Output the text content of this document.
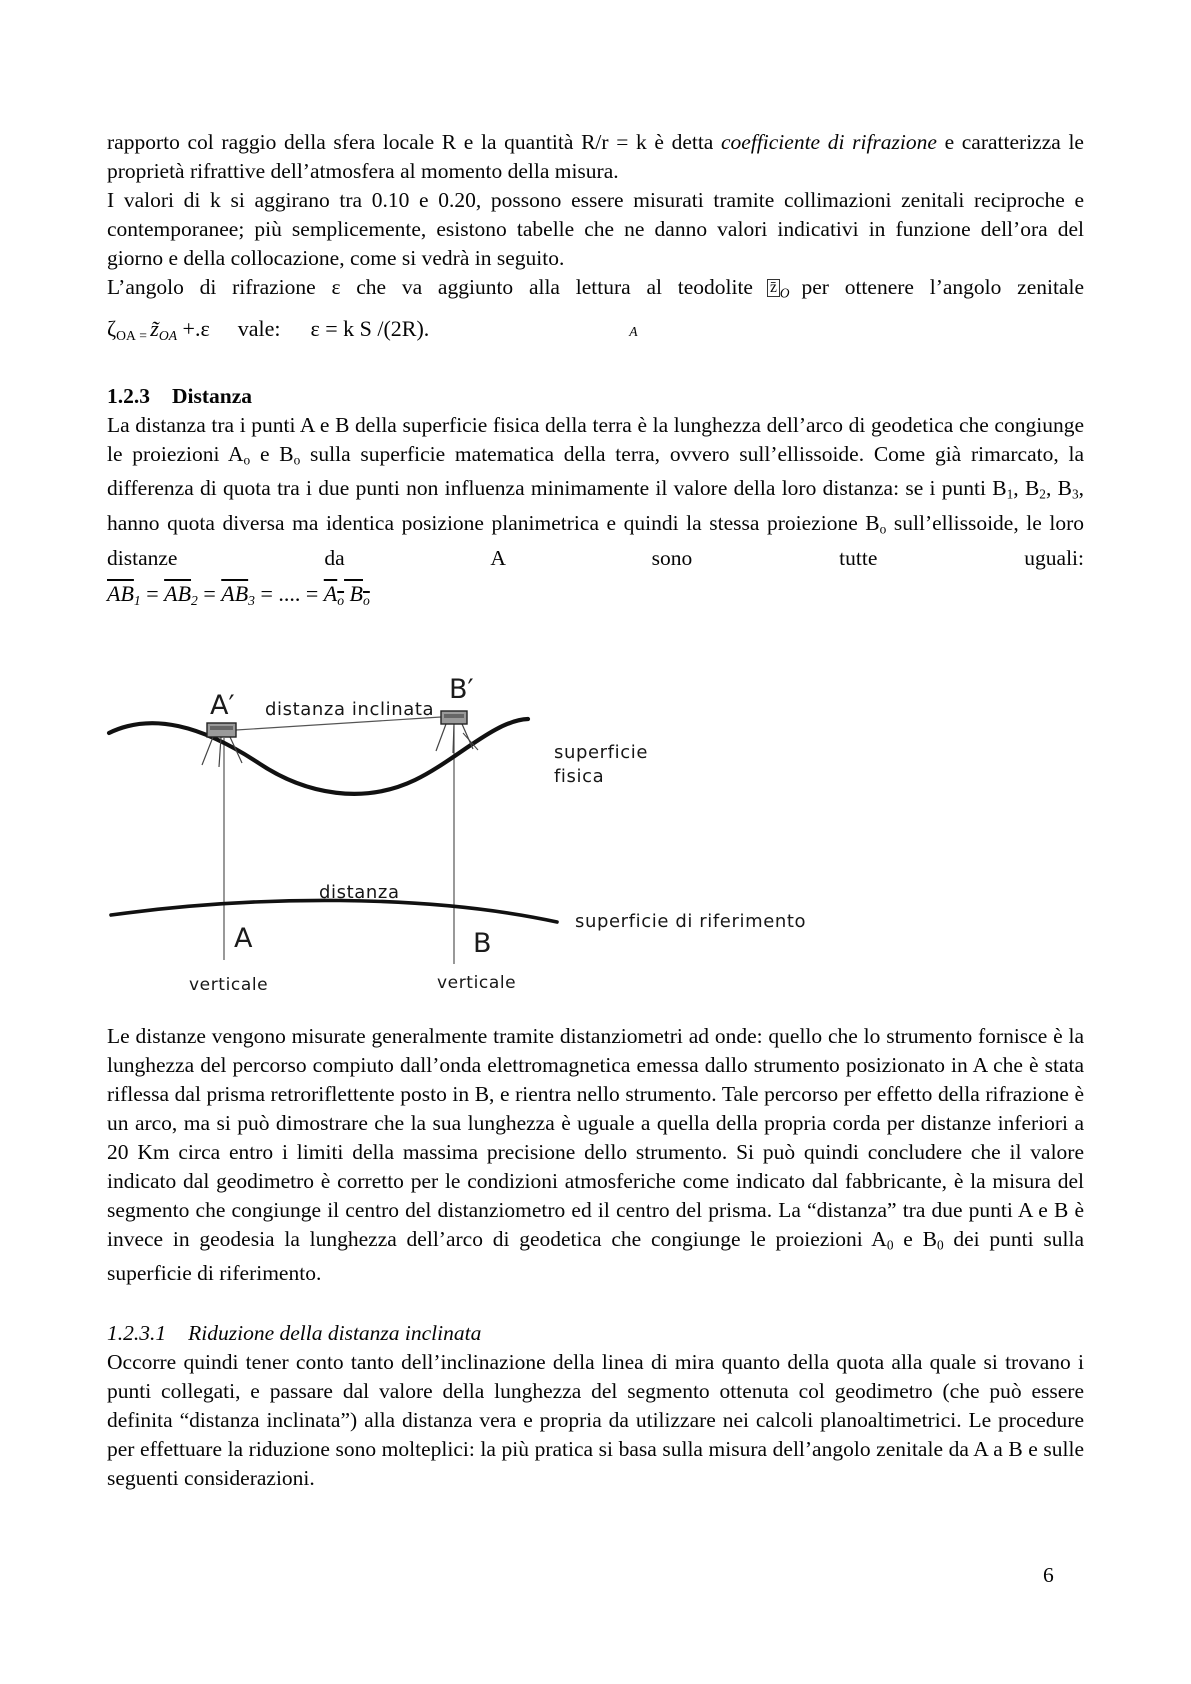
rapporto col raggio della sfera locale R e la quantità R/r = k è detta coefficiente di rifrazione e caratterizza le proprietà rifrattive dell’atmosfera al momento della misura.

I valori di k si aggirano tra 0.10 e 0.20, possono essere misurati tramite collimazioni zenitali reciproche e contemporanee; più semplicemente, esistono tabelle che ne danno valori indicativi in funzione dell’ora del giorno e della collocazione, come si vedrà in seguito.

L’angolo di rifrazione ε che va aggiunto alla lettura al teodolite z̄ O per ottenere l’angolo zenitale

ζOA = z̃OA +.ε vale: ε = k S /(2R).	A

1.2.3 Distanza

La distanza tra i punti A e B della superficie fisica della terra è la lunghezza dell’arco di geodetica che congiunge le proiezioni Ao e Bo sulla superficie matematica della terra, ovvero sull’ellissoide. Come già rimarcato, la differenza di quota tra i due punti non influenza minimamente il valore della loro distanza: se i punti B1, B2, B3, hanno quota diversa ma identica posizione planimetrica e quindi la stessa proiezione Bo sull’ellissoide, le loro distanze da A sono tutte uguali:

$\overline{AB}1 = \overline{AB}2 = \overline{AB}3$ = .... = Ao Bo

A′ distanza inclinata
B′
superficie
fisica
distanza
superficie di riferimento
A	B
verticale	verticale

Le distanze vengono misurate generalmente tramite distanziometri ad onde: quello che lo strumento fornisce è la lunghezza del percorso compiuto dall’onda elettromagnetica emessa dallo strumento posizionato in A che è stata riflessa dal prisma retroriflettente posto in B, e rientra nello strumento. Tale percorso per effetto della rifrazione è un arco, ma si può dimostrare che la sua lunghezza è uguale a quella della propria corda per distanze inferiori a 20 Km circa entro i limiti della massima precisione dello strumento. Si può quindi concludere che il valore indicato dal geodimetro è corretto per le condizioni atmosferiche come indicato dal fabbricante, è la misura del segmento che congiunge il centro del distanziometro ed il centro del prisma. La “distanza” tra due punti A e B è invece in geodesia la lunghezza dell’arco di geodetica che congiunge le proiezioni A0 e B0 dei punti sulla superficie di riferimento.

1.2.3.1 Riduzione della distanza inclinata

Occorre quindi tener conto tanto dell’inclinazione della linea di mira quanto della quota alla quale si trovano i punti collegati, e passare dal valore della lunghezza del segmento ottenuta col geodimetro (che può essere definita “distanza inclinata”) alla distanza vera e propria da utilizzare nei calcoli planoaltimetrici. Le procedure per effettuare la riduzione sono molteplici: la più pratica si basa sulla misura dell’angolo zenitale da A a B e sulle seguenti considerazioni.

6
